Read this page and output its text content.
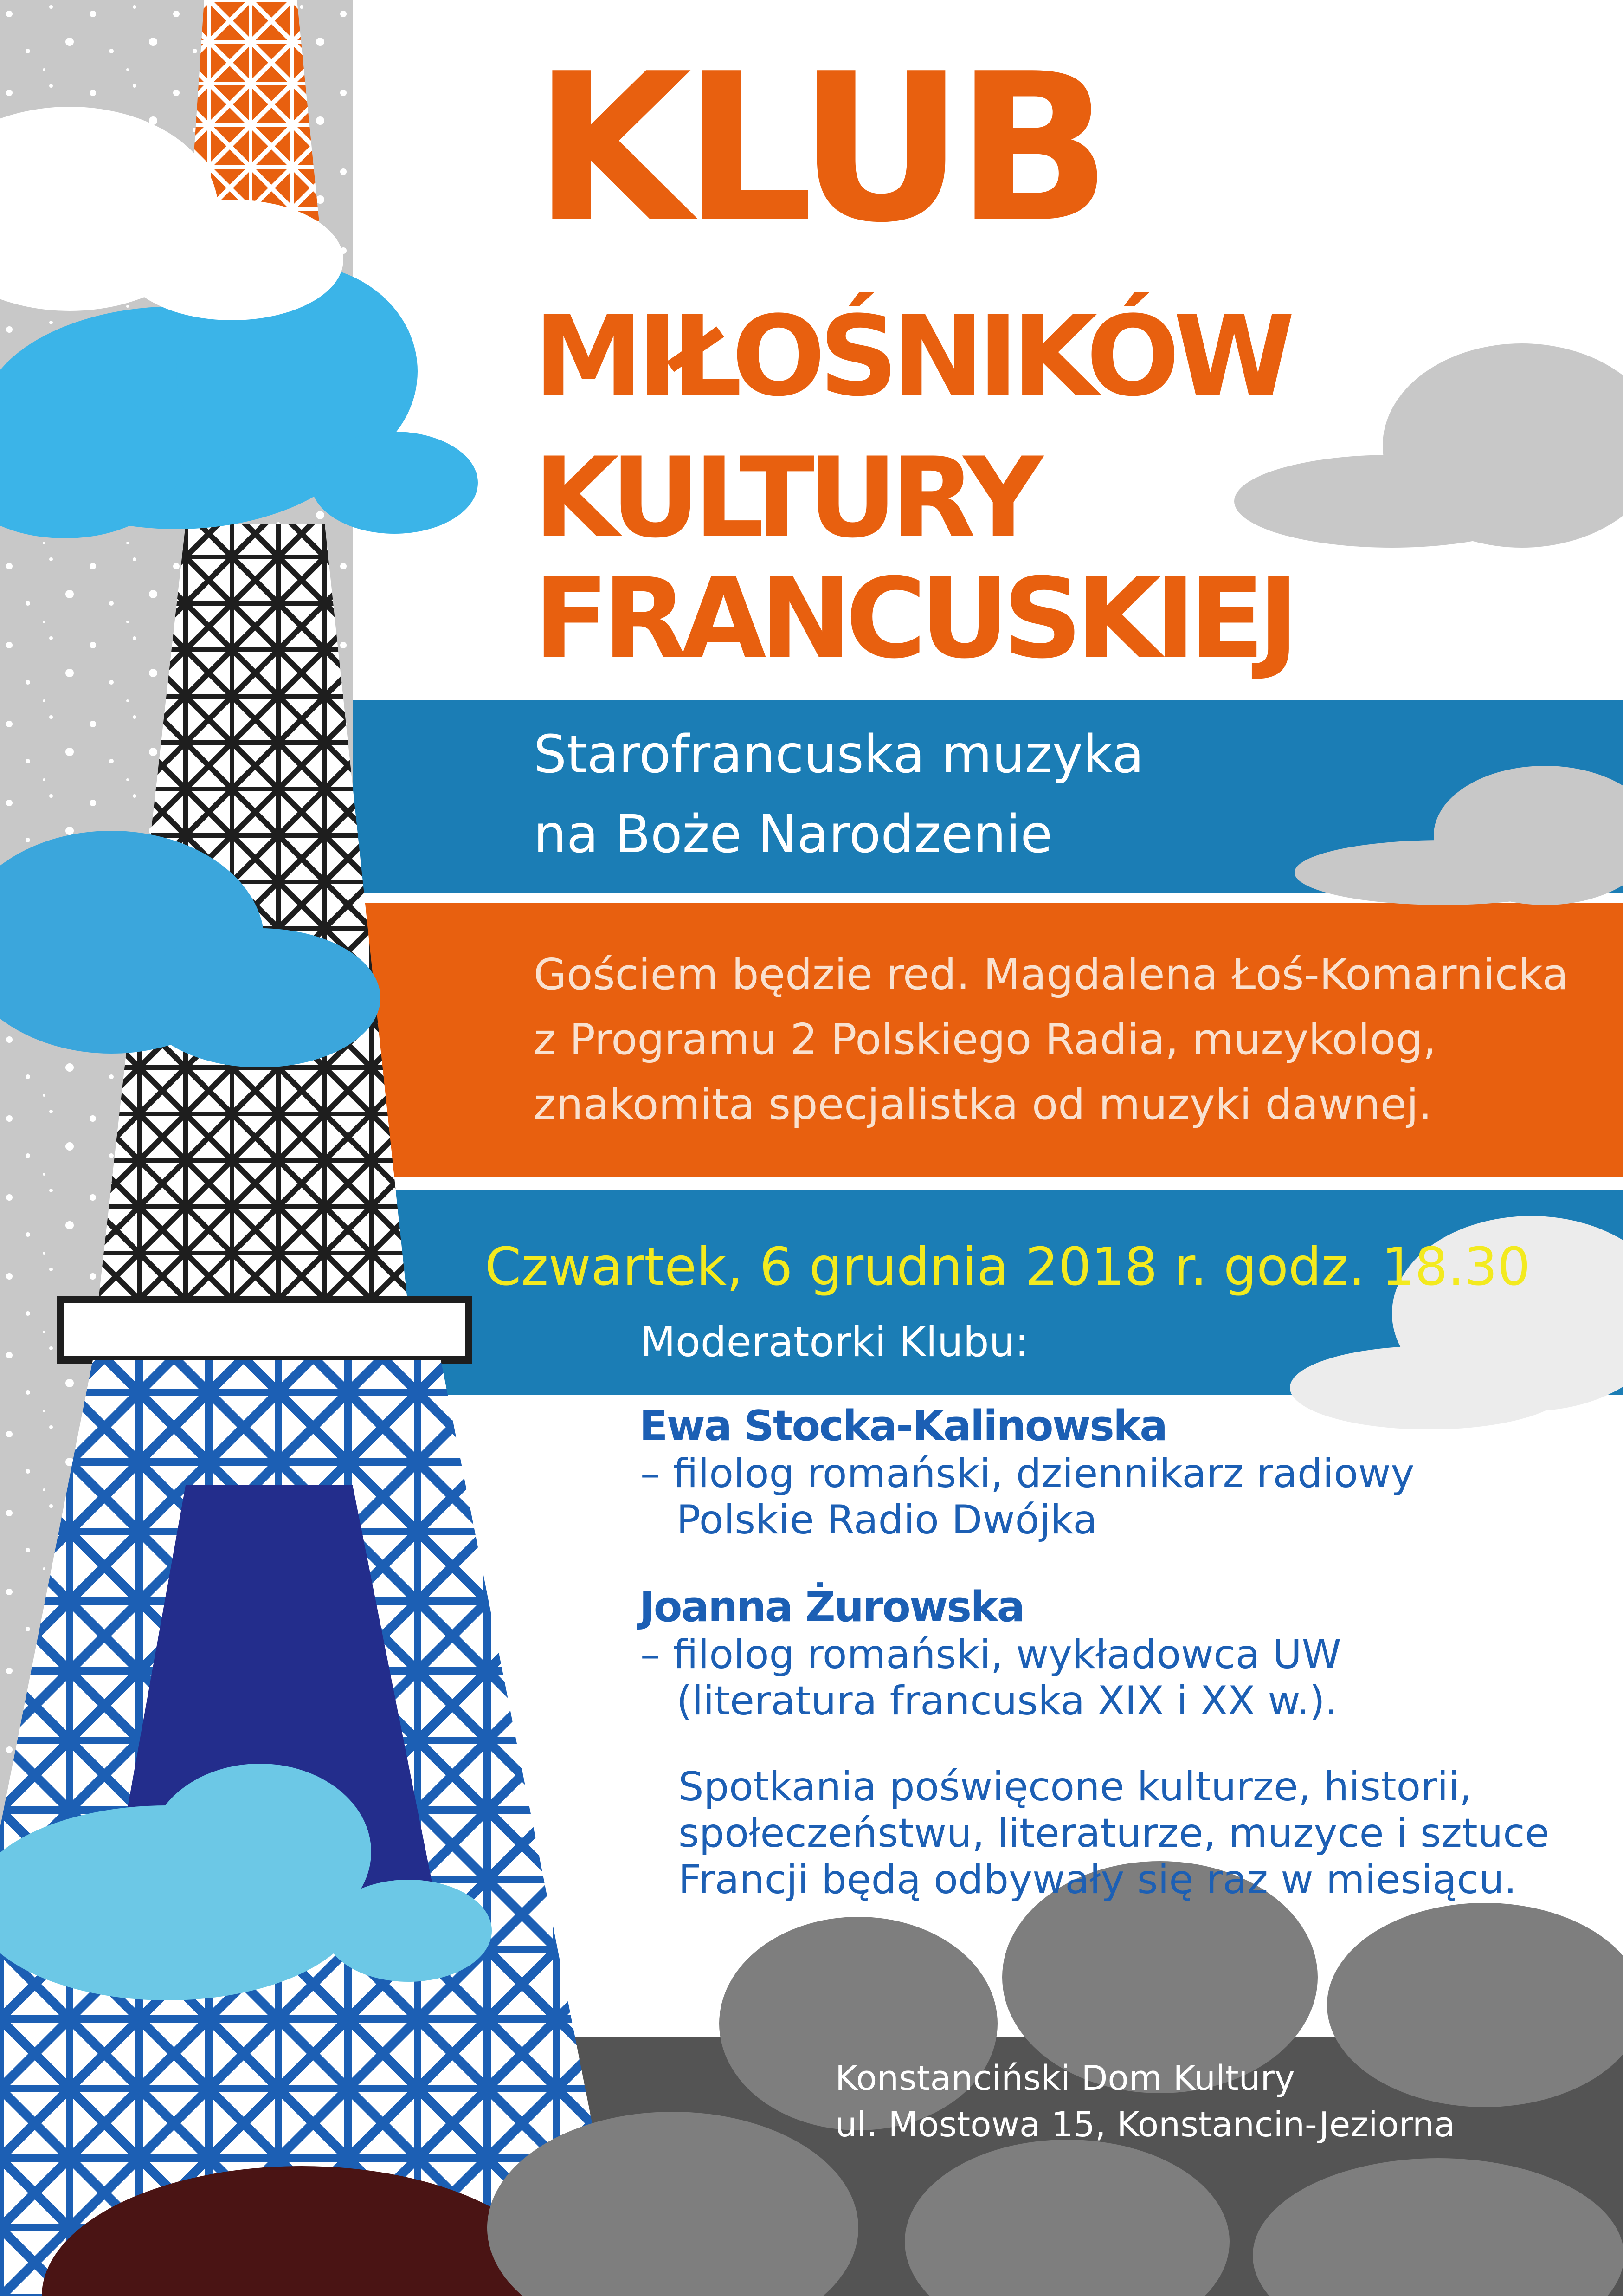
KLUB
MIŁOŚNIKÓW
KULTURY
FRANCUSKIEJ
Starofrancuska muzyka
na Boże Narodzenie
Gościem będzie red. Magdalena Łoś-Komarnicka
z Programu 2 Polskiego Radia, muzykolog,
znakomita specjalistka od muzyki dawnej.
Czwartek, 6 grudnia 2018 r. godz. 18.30
Moderatorki Klubu:
Ewa Stocka-Kalinowska
– filolog romański, dziennikarz radiowy
Polskie Radio Dwójka
Joanna Żurowska
– filolog romański, wykładowca UW
(literatura francuska XIX i XX w.).
Spotkania poświęcone kulturze, historii,
społeczeństwu, literaturze, muzyce i sztuce
Francji będą odbywały się raz w miesiącu.
Konstanciński Dom Kultury
ul. Mostowa 15, Konstancin-Jeziorna
